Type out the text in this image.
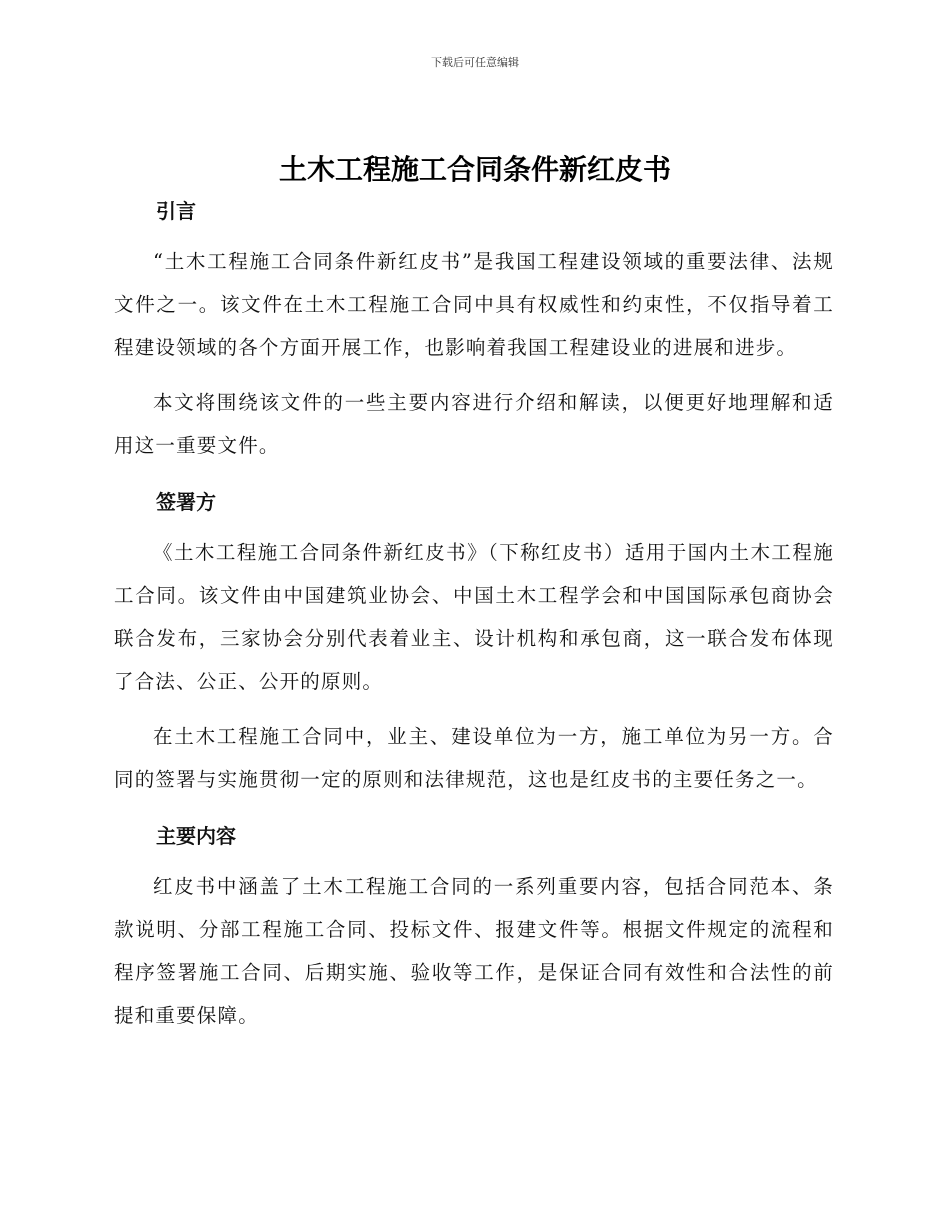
下载后可任意编辑
土木工程施工合同条件新红皮书
引言

“土木工程施工合同条件新红皮书”是我国工程建设领域的重要法律、法规文件之一。该文件在土木工程施工合同中具有权威性和约束性，不仅指导着工程建设领域的各个方面开展工作，也影响着我国工程建设业的进展和进步。

本文将围绕该文件的一些主要内容进行介绍和解读，以便更好地理解和适用这一重要文件。

签署方

《土木工程施工合同条件新红皮书》（下称红皮书）适用于国内土木工程施工合同。该文件由中国建筑业协会、中国土木工程学会和中国国际承包商协会联合发布，三家协会分别代表着业主、设计机构和承包商，这一联合发布体现了合法、公正、公开的原则。

在土木工程施工合同中，业主、建设单位为一方，施工单位为另一方。合同的签署与实施贯彻一定的原则和法律规范，这也是红皮书的主要任务之一。

主要内容

红皮书中涵盖了土木工程施工合同的一系列重要内容，包括合同范本、条款说明、分部工程施工合同、投标文件、报建文件等。根据文件规定的流程和程序签署施工合同、后期实施、验收等工作，是保证合同有效性和合法性的前提和重要保障。
